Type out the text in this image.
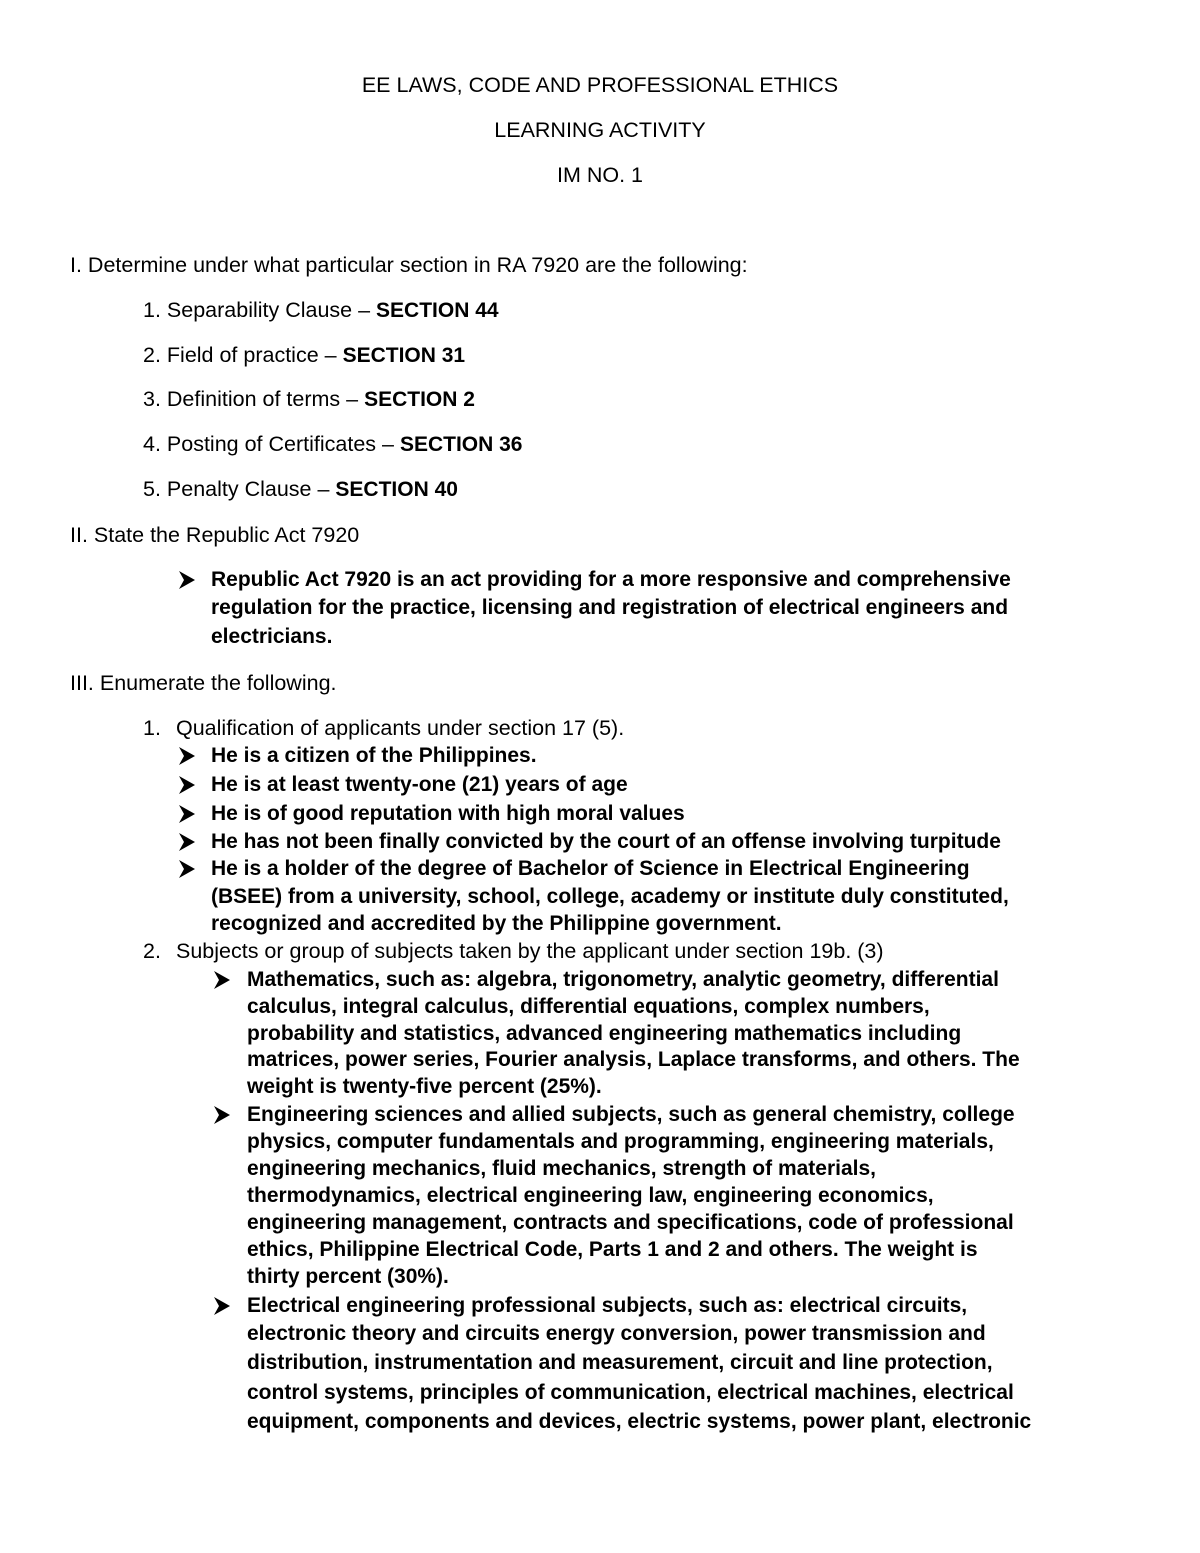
EE LAWS, CODE AND PROFESSIONAL ETHICS
LEARNING ACTIVITY
IM NO. 1
I. Determine under what particular section in RA 7920 are the following:
1. Separability Clause – SECTION 44
2. Field of practice – SECTION 31
3. Definition of terms – SECTION 2
4. Posting of Certificates – SECTION 36
5. Penalty Clause – SECTION 40
II. State the Republic Act 7920
Republic Act 7920 is an act providing for a more responsive and comprehensive
regulation for the practice, licensing and registration of electrical engineers and
electricians.
III. Enumerate the following.
1. Qualification of applicants under section 17 (5).
He is a citizen of the Philippines.
He is at least twenty-one (21) years of age
He is of good reputation with high moral values
He has not been finally convicted by the court of an offense involving turpitude
He is a holder of the degree of Bachelor of Science in Electrical Engineering
(BSEE) from a university, school, college, academy or institute duly constituted,
recognized and accredited by the Philippine government.
2. Subjects or group of subjects taken by the applicant under section 19b. (3)
Mathematics, such as: algebra, trigonometry, analytic geometry, differential
calculus, integral calculus, differential equations, complex numbers,
probability and statistics, advanced engineering mathematics including
matrices, power series, Fourier analysis, Laplace transforms, and others. The
weight is twenty-five percent (25%).
Engineering sciences and allied subjects, such as general chemistry, college
physics, computer fundamentals and programming, engineering materials,
engineering mechanics, fluid mechanics, strength of materials,
thermodynamics, electrical engineering law, engineering economics,
engineering management, contracts and specifications, code of professional
ethics, Philippine Electrical Code, Parts 1 and 2 and others. The weight is
thirty percent (30%).
Electrical engineering professional subjects, such as: electrical circuits,
electronic theory and circuits energy conversion, power transmission and
distribution, instrumentation and measurement, circuit and line protection,
control systems, principles of communication, electrical machines, electrical
equipment, components and devices, electric systems, power plant, electronic
